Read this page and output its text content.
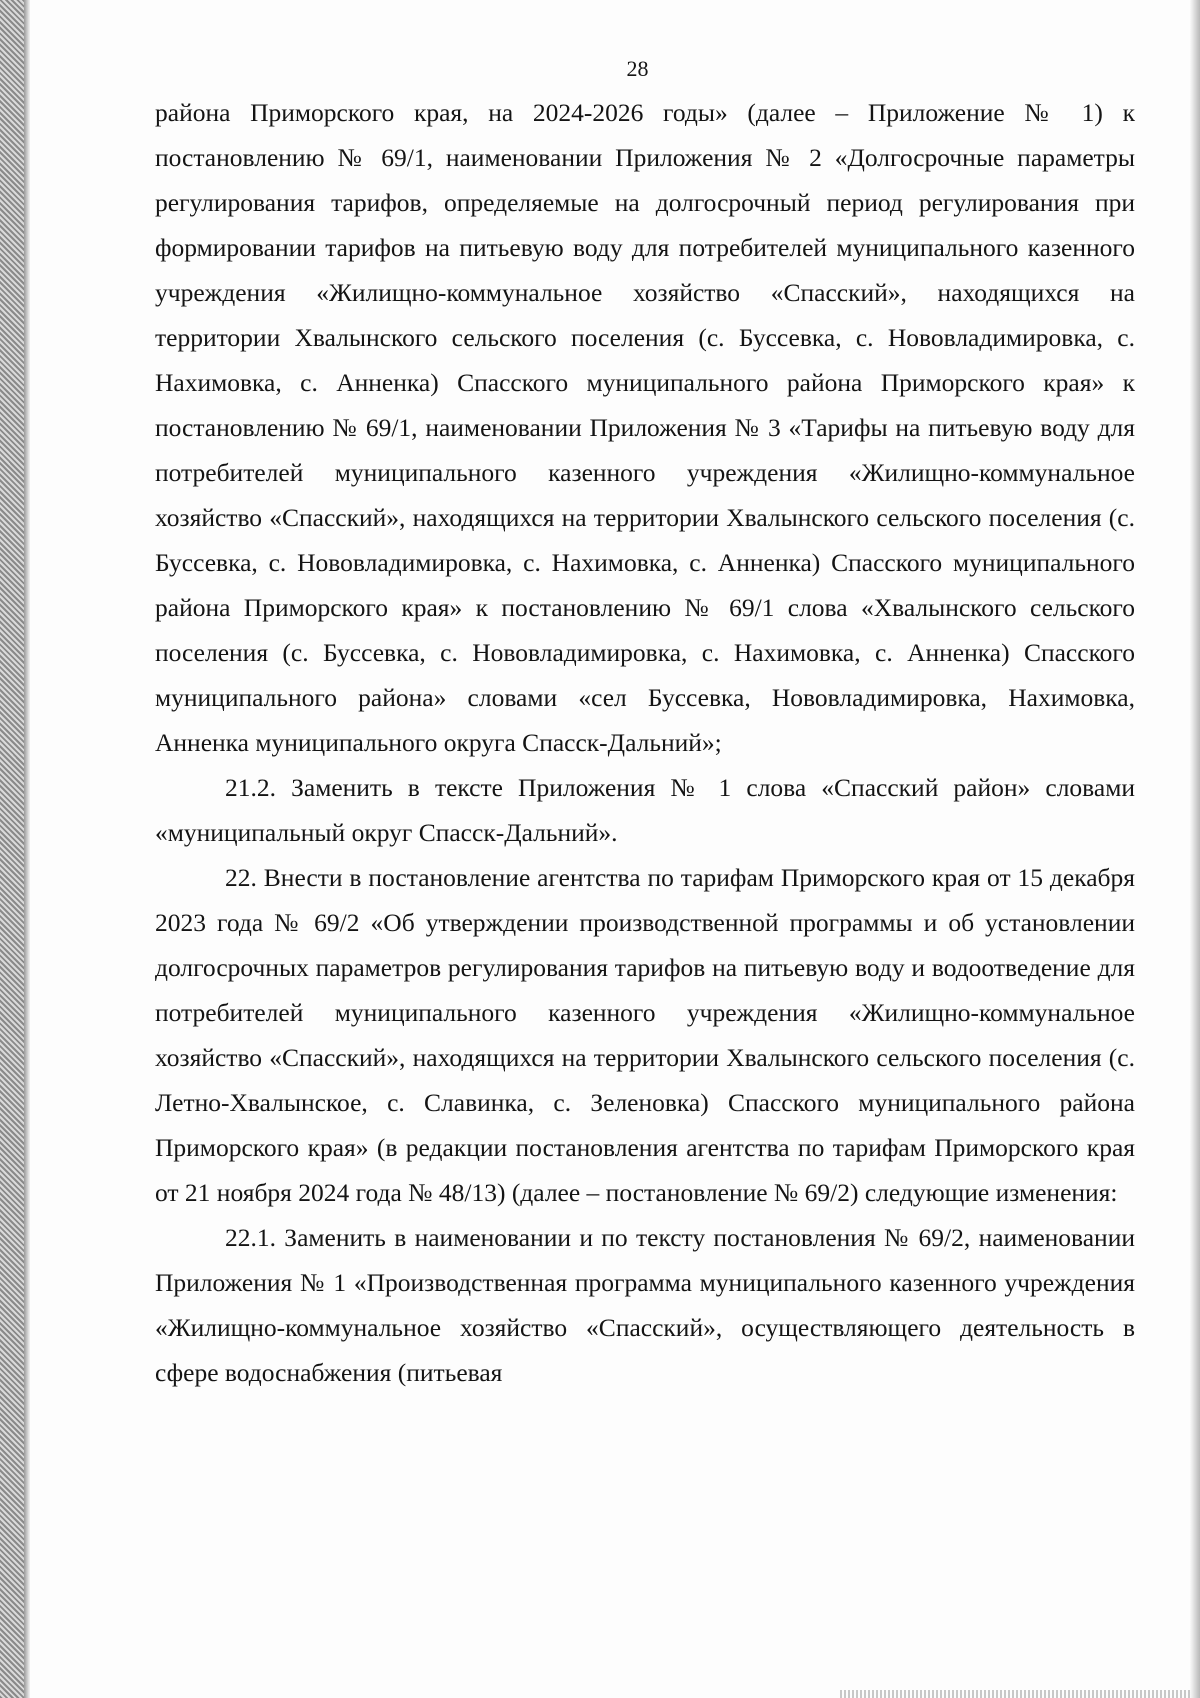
28

района Приморского края, на 2024-2026 годы» (далее – Приложение № 1) к постановлению № 69/1, наименовании Приложения № 2 «Долгосрочные параметры регулирования тарифов, определяемые на долгосрочный период регулирования при формировании тарифов на питьевую воду для потребителей муниципального казенного учреждения «Жилищно-коммунальное хозяйство «Спасский», находящихся на территории Хвалынского сельского поселения (с. Буссевка, с. Нововладимировка, с. Нахимовка, с. Анненка) Спасского муниципального района Приморского края» к постановлению № 69/1, наименовании Приложения № 3 «Тарифы на питьевую воду для потребителей муниципального казенного учреждения «Жилищно-коммунальное хозяйство «Спасский», находящихся на территории Хвалынского сельского поселения (с. Буссевка, с. Нововладимировка, с. Нахимовка, с. Анненка) Спасского муниципального района Приморского края» к постановлению № 69/1 слова «Хвалынского сельского поселения (с. Буссевка, с. Нововладимировка, с. Нахимовка, с. Анненка) Спасского муниципального района» словами «сел Буссевка, Нововладимировка, Нахимовка, Анненка муниципального округа Спасск-Дальний»;

21.2. Заменить в тексте Приложения № 1 слова «Спасский район» словами «муниципальный округ Спасск-Дальний».

22. Внести в постановление агентства по тарифам Приморского края от 15 декабря 2023 года № 69/2 «Об утверждении производственной программы и об установлении долгосрочных параметров регулирования тарифов на питьевую воду и водоотведение для потребителей муниципального казенного учреждения «Жилищно-коммунальное хозяйство «Спасский», находящихся на территории Хвалынского сельского поселения (с. Летно-Хвалынское, с. Славинка, с. Зеленовка) Спасского муниципального района Приморского края» (в редакции постановления агентства по тарифам Приморского края от 21 ноября 2024 года № 48/13) (далее – постановление № 69/2) следующие изменения:

22.1. Заменить в наименовании и по тексту постановления № 69/2, наименовании Приложения № 1 «Производственная программа муниципального казенного учреждения «Жилищно-коммунальное хозяйство «Спасский», осуществляющего деятельность в сфере водоснабжения (питьевая
